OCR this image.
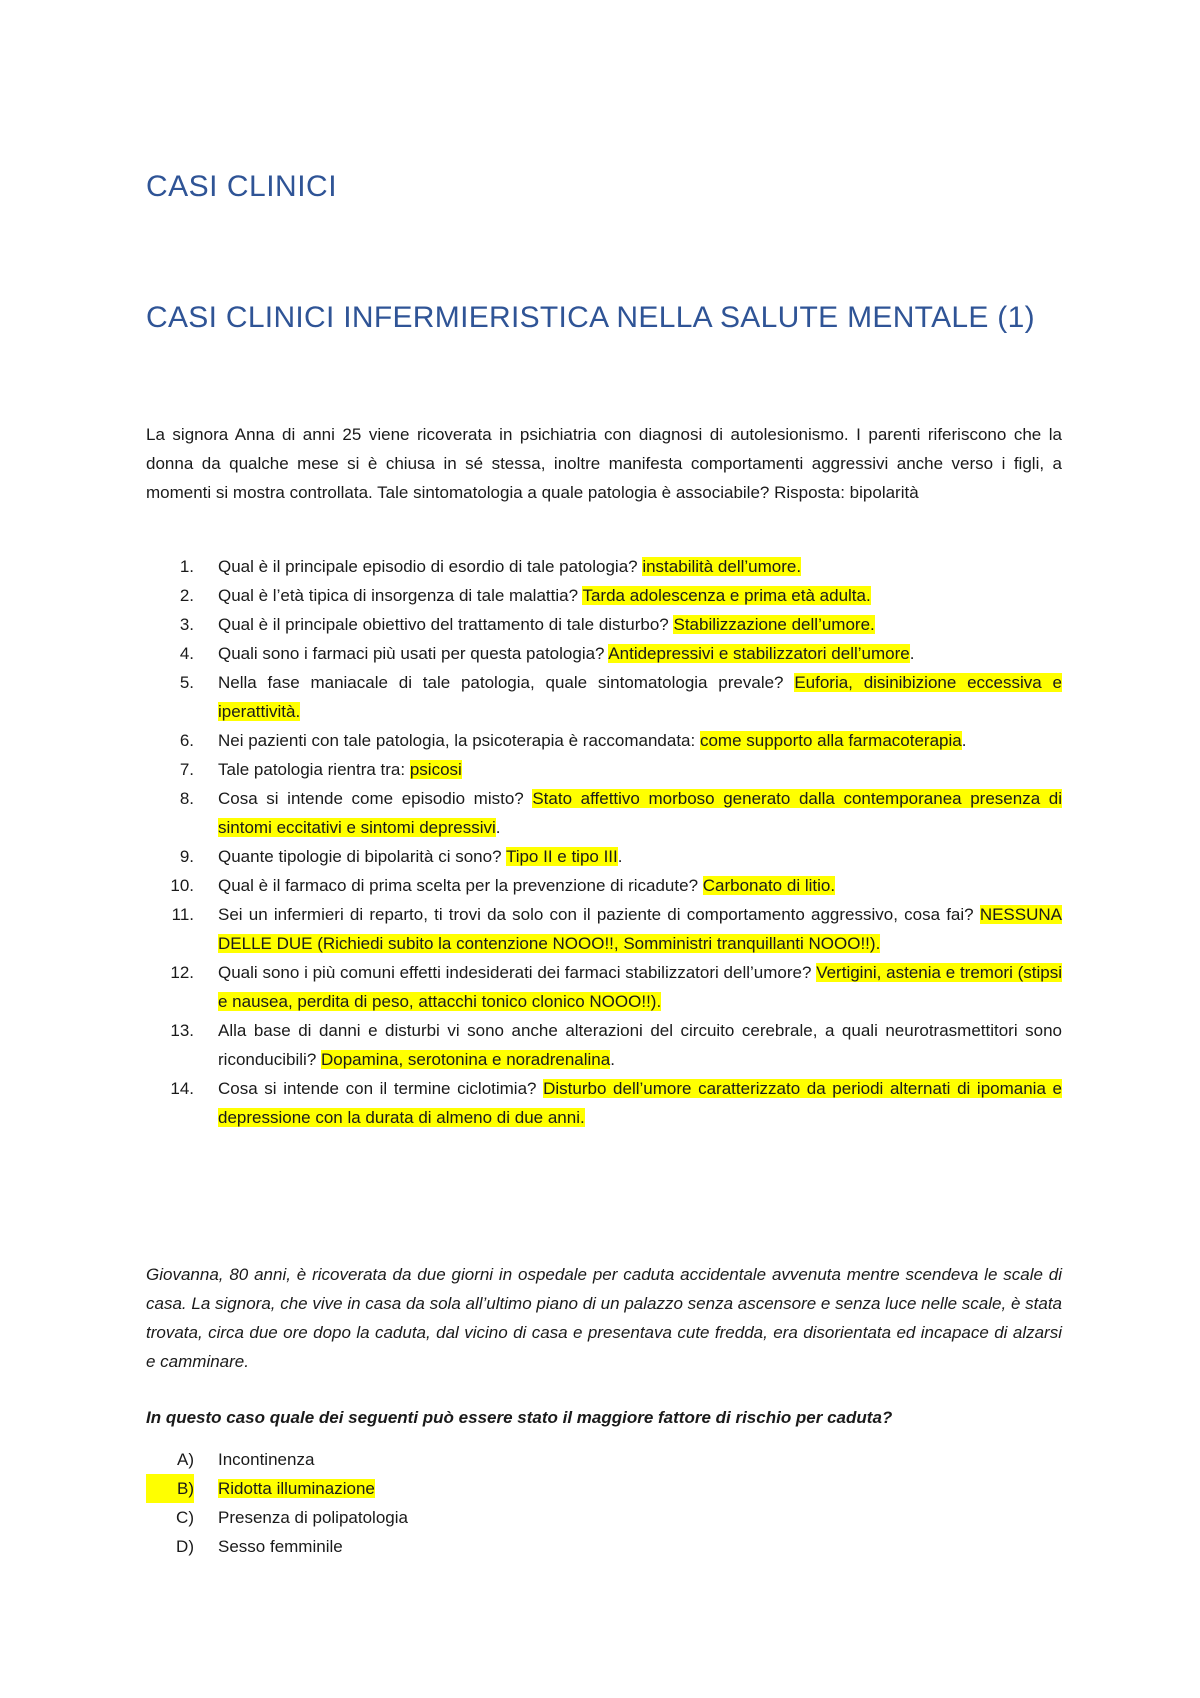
CASI CLINICI
CASI CLINICI INFERMIERISTICA NELLA SALUTE MENTALE (1)

La signora Anna di anni 25 viene ricoverata in psichiatria con diagnosi di autolesionismo. I parenti riferiscono che la donna da qualche mese si è chiusa in sé stessa, inoltre manifesta comportamenti aggressivi anche verso i figli, a momenti si mostra controllata. Tale sintomatologia a quale patologia è associabile? Risposta: bipolarità

1. Qual è il principale episodio di esordio di tale patologia? instabilità dell’umore.
2. Qual è l’età tipica di insorgenza di tale malattia? Tarda adolescenza e prima età adulta.
3. Qual è il principale obiettivo del trattamento di tale disturbo? Stabilizzazione dell’umore.
4. Quali sono i farmaci più usati per questa patologia? Antidepressivi e stabilizzatori dell’umore.
5. Nella fase maniacale di tale patologia, quale sintomatologia prevale? Euforia, disinibizione eccessiva e iperattività.
6. Nei pazienti con tale patologia, la psicoterapia è raccomandata: come supporto alla farmacoterapia.
7. Tale patologia rientra tra: psicosi
8. Cosa si intende come episodio misto? Stato affettivo morboso generato dalla contemporanea presenza di sintomi eccitativi e sintomi depressivi.
9. Quante tipologie di bipolarità ci sono? Tipo II e tipo III.
10. Qual è il farmaco di prima scelta per la prevenzione di ricadute? Carbonato di litio.
11. Sei un infermieri di reparto, ti trovi da solo con il paziente di comportamento aggressivo, cosa fai? NESSUNA DELLE DUE (Richiedi subito la contenzione NOOO!!, Somministri tranquillanti NOOO!!).
12. Quali sono i più comuni effetti indesiderati dei farmaci stabilizzatori dell’umore? Vertigini, astenia e tremori (stipsi e nausea, perdita di peso, attacchi tonico clonico NOOO!!).
13. Alla base di danni e disturbi vi sono anche alterazioni del circuito cerebrale, a quali neurotrasmettitori sono riconducibili? Dopamina, serotonina e noradrenalina.
14. Cosa si intende con il termine ciclotimia? Disturbo dell’umore caratterizzato da periodi alternati di ipomania e depressione con la durata di almeno di due anni.

Giovanna, 80 anni, è ricoverata da due giorni in ospedale per caduta accidentale avvenuta mentre scendeva le scale di casa. La signora, che vive in casa da sola all’ultimo piano di un palazzo senza ascensore e senza luce nelle scale, è stata trovata, circa due ore dopo la caduta, dal vicino di casa e presentava cute fredda, era disorientata ed incapace di alzarsi e camminare.

In questo caso quale dei seguenti può essere stato il maggiore fattore di rischio per caduta?

A) Incontinenza
B) Ridotta illuminazione
C) Presenza di polipatologia
D) Sesso femminile
